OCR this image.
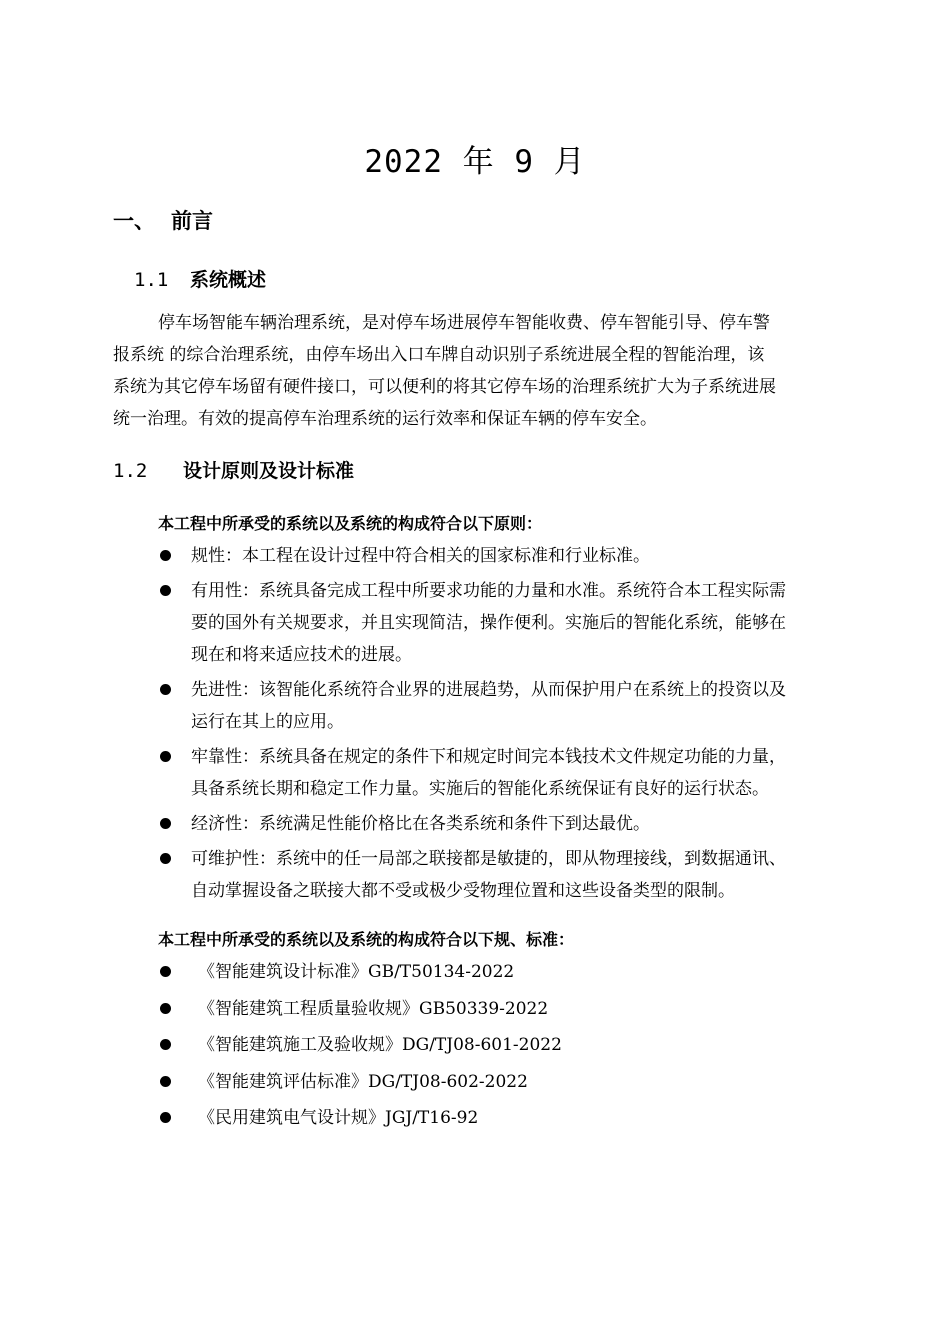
2022 年 9 月
一、 前言
1.1 系统概述
停车场智能车辆治理系统，是对停车场进展停车智能收费、停车智能引导、停车警
报系统 的综合治理系统，由停车场出入口车牌自动识别子系统进展全程的智能治理，该
系统为其它停车场留有硬件接口，可以便利的将其它停车场的治理系统扩大为子系统进展
统一治理。有效的提高停车治理系统的运行效率和保证车辆的停车安全。
1.2 设计原则及设计标准
本工程中所承受的系统以及系统的构成符合以下原则：
规性：本工程在设计过程中符合相关的国家标准和行业标准。
有用性：系统具备完成工程中所要求功能的力量和水准。系统符合本工程实际需
要的国外有关规要求，并且实现简洁，操作便利。实施后的智能化系统，能够在
现在和将来适应技术的进展。
先进性：该智能化系统符合业界的进展趋势，从而保护用户在系统上的投资以及
运行在其上的应用。
牢靠性：系统具备在规定的条件下和规定时间完本钱技术文件规定功能的力量，
具备系统长期和稳定工作力量。实施后的智能化系统保证有良好的运行状态。
经济性：系统满足性能价格比在各类系统和条件下到达最优。
可维护性：系统中的任一局部之联接都是敏捷的，即从物理接线，到数据通讯、
自动掌握设备之联接大都不受或极少受物理位置和这些设备类型的限制。
本工程中所承受的系统以及系统的构成符合以下规、标准：
《智能建筑设计标准》GB/T50134-2022
《智能建筑工程质量验收规》GB50339-2022
《智能建筑施工及验收规》DG/TJ08-601-2022
《智能建筑评估标准》DG/TJ08-602-2022
《民用建筑电气设计规》JGJ/T16-92
